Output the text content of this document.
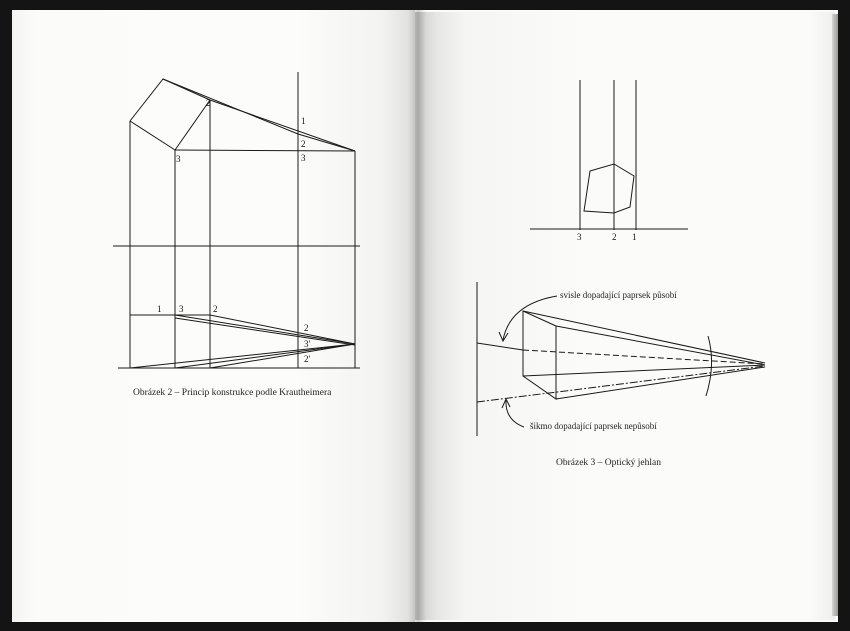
2
3
1
2
3
1 3	2
2
3'
2'
3	2 1
Obrázek 2 – Princip konstrukce podle Krautheimera
svisle dopadající paprsek působí
šikmo dopadající paprsek nepůsobí
Obrázek 3 – Optický jehlan
